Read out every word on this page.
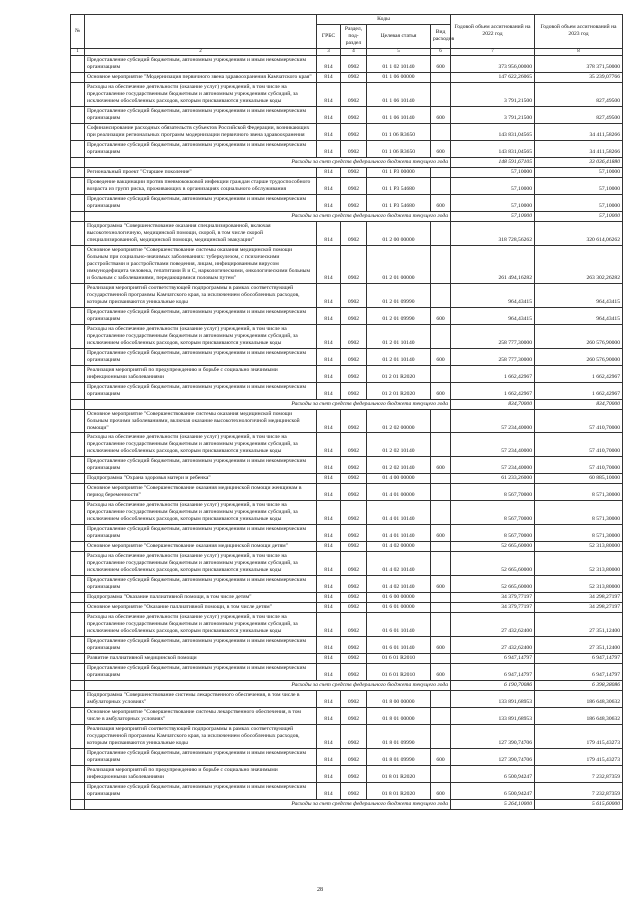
№		Коды				Годовой объем ассигнований на 2022 год	Годовой объем ассигнований на 2023 год
		ГРБС	Раздел, под-раздел	Целевая статья	Вид расходов		
1	2	3	4	5	6	7	8
	Предоставление субсидий бюджетным, автономным учреждениям и иным некоммерческим организациям	814	0902	01 1 02 10140	600	373 956,00000	378 371,50000
	Основное мероприятие "Модернизация первичного звена здравоохранения Камчатского края"	814	0902	01 1 06 00000		147 622,26065	35 239,07766
	Расходы на обеспечение деятельности (оказание услуг) учреждений, в том числе на предоставление государственным бюджетным и автономным учреждениям субсидий, за исключением обособленных расходов, которым присваиваются уникальные коды	814	0902	01 1 06 10140		3 791,21500	827,49500
	Предоставление субсидий бюджетным, автономным учреждениям и иным некоммерческим организациям	814	0902	01 1 06 10140	600	3 791,21500	827,49500
	Софинансирование расходных обязательств субъектов Российской Федерации, возникающих при реализации региональных программ модернизации первичного звена здравоохранения	814	0902	01 1 06 R3650		143 831,04565	34 411,58266
	Предоставление субсидий бюджетным, автономным учреждениям и иным некоммерческим организациям	814	0902	01 1 06 R3650	600	143 831,04565	34 411,58266
	Расходы за счет средств федерального бюджета текущего года					148 591,67105	33 036,41880
	Региональный проект "Старшее поколение"	814	0902	01 1 P3 00000		57,10000	57,10000
	Проведение вакцинации против пневмококковой инфекции граждан старше трудоспособного возраста из групп риска, проживающих в организациях социального обслуживания	814	0902	01 1 P3 54680		57,10000	57,10000
	Предоставление субсидий бюджетным, автономным учреждениям и иным некоммерческим организациям	814	0902	01 1 P3 54680	600	57,10000	57,10000
	Расходы за счет средств федерального бюджета текущего года					57,10000	57,10000
	Подпрограмма "Совершенствование оказания специализированной, включая высокотехнологичную, медицинской помощи, скорой, в том числе скорой специализированной, медицинской помощи, медицинской эвакуации"	814	0902	01 2 00 00000		318 728,56262	320 614,06262
	Основное мероприятие "Совершенствование системы оказания медицинской помощи больным при социально-значимых заболеваниях: туберкулезом, с психическими расстройствами и расстройствами поведения, лицам, инфицированным вирусом иммунодефицита человека, гепатитами В и С, наркологическими, онкологическими больным и больным с заболеваниями, передающимися половым путем"	814	0902	01 2 01 00000		261 494,16282	263 302,26282
	Реализация мероприятий соответствующей подпрограммы в рамках соответствующей государственной программы Камчатского края, за исключением обособленных расходов, которым присваиваются уникальные коды	814	0902	01 2 01 09990		964,43415	964,43415
	Предоставление субсидий бюджетным, автономным учреждениям и иным некоммерческим организациям	814	0902	01 2 01 09990	600	964,43415	964,43415
	Расходы на обеспечение деятельности (оказание услуг) учреждений, в том числе на предоставление государственным бюджетным и автономным учреждениям субсидий, за исключением обособленных расходов, которым присваиваются уникальные коды	814	0902	01 2 01 10140		258 777,30000	260 576,90000
	Предоставление субсидий бюджетным, автономным учреждениям и иным некоммерческим организациям	814	0902	01 2 01 10140	600	258 777,30000	260 576,90000
	Реализация мероприятий по предупреждению и борьбе с социально значимыми инфекционными заболеваниями	814	0902	01 2 01 R2020		1 662,42967	1 662,42967
	Предоставление субсидий бюджетным, автономным учреждениям и иным некоммерческим организациям	814	0902	01 2 01 R2020	600	1 662,42967	1 662,42967
	Расходы за счет средств федерального бюджета текущего года					834,70000	834,70000
	Основное мероприятие "Совершенствование системы оказания медицинской помощи больным прочими заболеваниями, включая оказание высокотехнологичной медицинской помощи"	814	0902	01 2 02 00000		57 234,40000	57 410,70000
	Расходы на обеспечение деятельности (оказание услуг) учреждений, в том числе на предоставление государственным бюджетным и автономным учреждениям субсидий, за исключением обособленных расходов, которым присваиваются уникальные коды	814	0902	01 2 02 10140		57 234,40000	57 410,70000
	Предоставление субсидий бюджетным, автономным учреждениям и иным некоммерческим организациям	814	0902	01 2 02 10140	600	57 234,40000	57 410,70000
	Подпрограмма "Охрана здоровья матери и ребенка"	814	0902	01 4 00 00000		61 233,26000	60 885,10000
	Основное мероприятие "Совершенствование оказания медицинской помощи женщинам в период беременности"	814	0902	01 4 01 00000		8 567,70000	8 571,30000
	Расходы на обеспечение деятельности (оказание услуг) учреждений, в том числе на предоставление государственным бюджетным и автономным учреждениям субсидий, за исключением обособленных расходов, которым присваиваются уникальные коды	814	0902	01 4 01 10140		8 567,70000	8 571,30000
	Предоставление субсидий бюджетным, автономным учреждениям и иным некоммерческим организациям	814	0902	01 4 01 10140	600	8 567,70000	8 571,30000
	Основное мероприятие "Совершенствование оказания медицинской помощи детям"	814	0902	01 4 02 00000		52 665,60000	52 313,80000
	Расходы на обеспечение деятельности (оказание услуг) учреждений, в том числе на предоставление государственным бюджетным и автономным учреждениям субсидий, за исключением обособленных расходов, которым присваиваются уникальные коды	814	0902	01 4 02 10140		52 665,60000	52 313,80000
	Предоставление субсидий бюджетным, автономным учреждениям и иным некоммерческим организациям	814	0902	01 4 02 10140	600	52 665,60000	52 313,80000
	Подпрограмма "Оказание паллиативной помощи, в том числе детям"	814	0902	01 6 00 00000		34 379,77197	34 298,27197
	Основное мероприятие "Оказание паллиативной помощи, в том числе детям"	814	0902	01 6 01 00000		34 379,77197	34 298,27197
	Расходы на обеспечение деятельности (оказание услуг) учреждений, в том числе на предоставление государственным бюджетным и автономным учреждениям субсидий, за исключением обособленных расходов, которым присваиваются уникальные коды	814	0902	01 6 01 10140		27 432,62400	27 351,12400
	Предоставление субсидий бюджетным, автономным учреждениям и иным некоммерческим организациям	814	0902	01 6 01 10140	600	27 432,62400	27 351,12400
	Развитие паллиативной медицинской помощи	814	0902	01 6 01 R2010		6 947,14797	6 947,14797
	Предоставление субсидий бюджетным, автономным учреждениям и иным некоммерческим организациям	814	0902	01 6 01 R2010	600	6 947,14797	6 947,14797
	Расходы за счет средств федерального бюджета текущего года					6 190,70086	6 398,38086
	Подпрограмма "Совершенствование системы лекарственного обеспечения, в том числе в амбулаторных условиях"	814	0902	01 8 00 00000		133 891,68953	186 648,30632
	Основное мероприятие "Совершенствование системы лекарственного обеспечения, в том числе в амбулаторных условиях"	814	0902	01 8 01 00000		133 891,68953	186 648,30632
	Реализация мероприятий соответствующей подпрограммы в рамках соответствующей государственной программы Камчатского края, за исключением обособленных расходов, которым присваиваются уникальные коды	814	0902	01 8 01 09990		127 390,74706	179 415,43273
	Предоставление субсидий бюджетным, автономным учреждениям и иным некоммерческим организациям	814	0902	01 8 01 09990	600	127 390,74706	179 415,43273
	Реализация мероприятий по предупреждению и борьбе с социально значимыми инфекционными заболеваниями	814	0902	01 8 01 R2020		6 500,94247	7 232,87359
	Предоставление субсидий бюджетным, автономным учреждениям и иным некоммерческим организациям	814	0902	01 8 01 R2020	600	6 500,94247	7 232,87359
	Расходы за счет средств федерального бюджета текущего года					5 264,10000	5 615,60000
28
